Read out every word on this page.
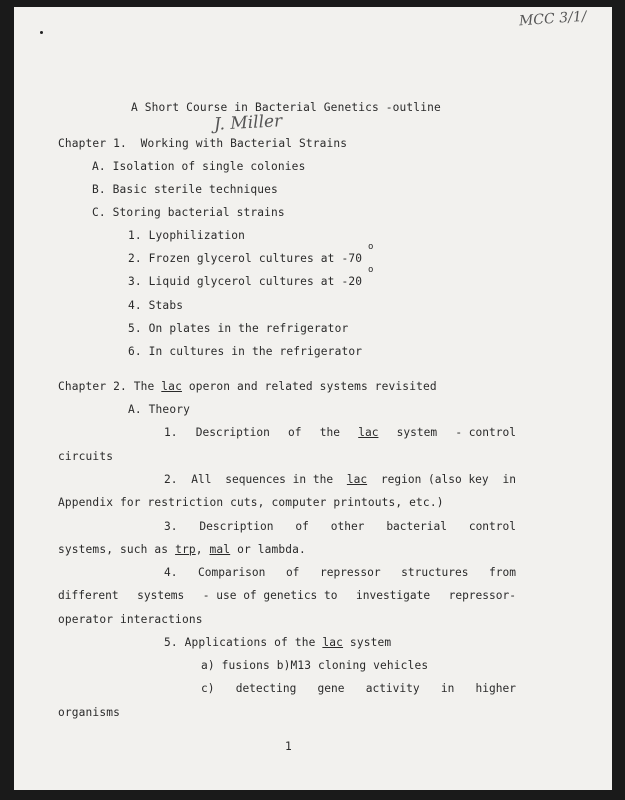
MCC 3/1/
A Short Course in Bacterial Genetics -outline
J. Miller
Chapter 1.  Working with Bacterial Strains
A. Isolation of single colonies
B. Basic sterile techniques
C. Storing bacterial strains
1. Lyophilization
o
2. Frozen glycerol cultures at -70
o
3. Liquid glycerol cultures at -20
4. Stabs
5. On plates in the refrigerator
6. In cultures in the refrigerator
Chapter 2. The lac operon and related systems revisited
A. Theory
1. Description of the lac system - control
circuits
2. All sequences in the lac region (also key in
Appendix for restriction cuts, computer printouts, etc.)
3. Description of other bacterial control
systems, such as trp, mal or lambda.
4. Comparison of repressor structures from
different systems - use of genetics to investigate repressor-
operator interactions
5. Applications of the lac system
a) fusions b)M13 cloning vehicles
c) detecting gene activity in higher
organisms
1
